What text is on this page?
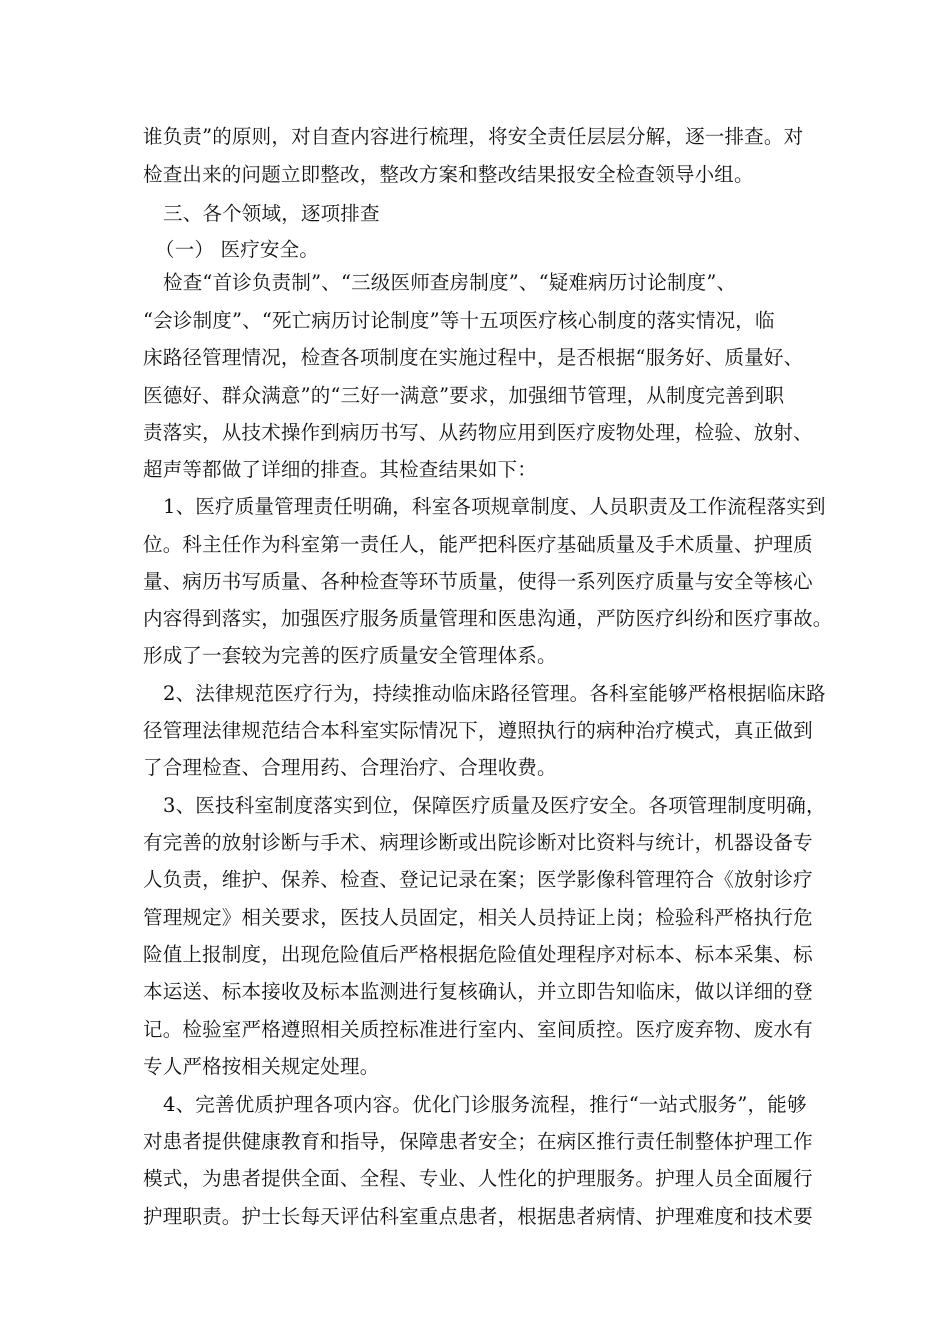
谁负责”的原则，对自查内容进行梳理，将安全责任层层分解，逐一排查。对
检查出来的问题立即整改，整改方案和整改结果报安全检查领导小组。
三、各个领域，逐项排查
（一） 医疗安全。
检查“首诊负责制”、“三级医师查房制度”、“疑难病历讨论制度”、
“会诊制度”、“死亡病历讨论制度”等十五项医疗核心制度的落实情况，临
床路径管理情况，检查各项制度在实施过程中，是否根据“服务好、质量好、
医德好、群众满意”的“三好一满意”要求，加强细节管理，从制度完善到职
责落实，从技术操作到病历书写、从药物应用到医疗废物处理，检验、放射、
超声等都做了详细的排查。其检查结果如下：
1、医疗质量管理责任明确，科室各项规章制度、人员职责及工作流程落实到
位。科主任作为科室第一责任人，能严把科医疗基础质量及手术质量、护理质
量、病历书写质量、各种检查等环节质量，使得一系列医疗质量与安全等核心
内容得到落实，加强医疗服务质量管理和医患沟通，严防医疗纠纷和医疗事故。
形成了一套较为完善的医疗质量安全管理体系。
2、法律规范医疗行为，持续推动临床路径管理。各科室能够严格根据临床路
径管理法律规范结合本科室实际情况下，遵照执行的病种治疗模式，真正做到
了合理检查、合理用药、合理治疗、合理收费。
3、医技科室制度落实到位，保障医疗质量及医疗安全。各项管理制度明确，
有完善的放射诊断与手术、病理诊断或出院诊断对比资料与统计，机器设备专
人负责，维护、保养、检查、登记记录在案；医学影像科管理符合《放射诊疗
管理规定》相关要求，医技人员固定，相关人员持证上岗；检验科严格执行危
险值上报制度，出现危险值后严格根据危险值处理程序对标本、标本采集、标
本运送、标本接收及标本监测进行复核确认，并立即告知临床，做以详细的登
记。检验室严格遵照相关质控标准进行室内、室间质控。医疗废弃物、废水有
专人严格按相关规定处理。
4、完善优质护理各项内容。优化门诊服务流程，推行“一站式服务”，能够
对患者提供健康教育和指导，保障患者安全；在病区推行责任制整体护理工作
模式，为患者提供全面、全程、专业、人性化的护理服务。护理人员全面履行
护理职责。护士长每天评估科室重点患者，根据患者病情、护理难度和技术要
